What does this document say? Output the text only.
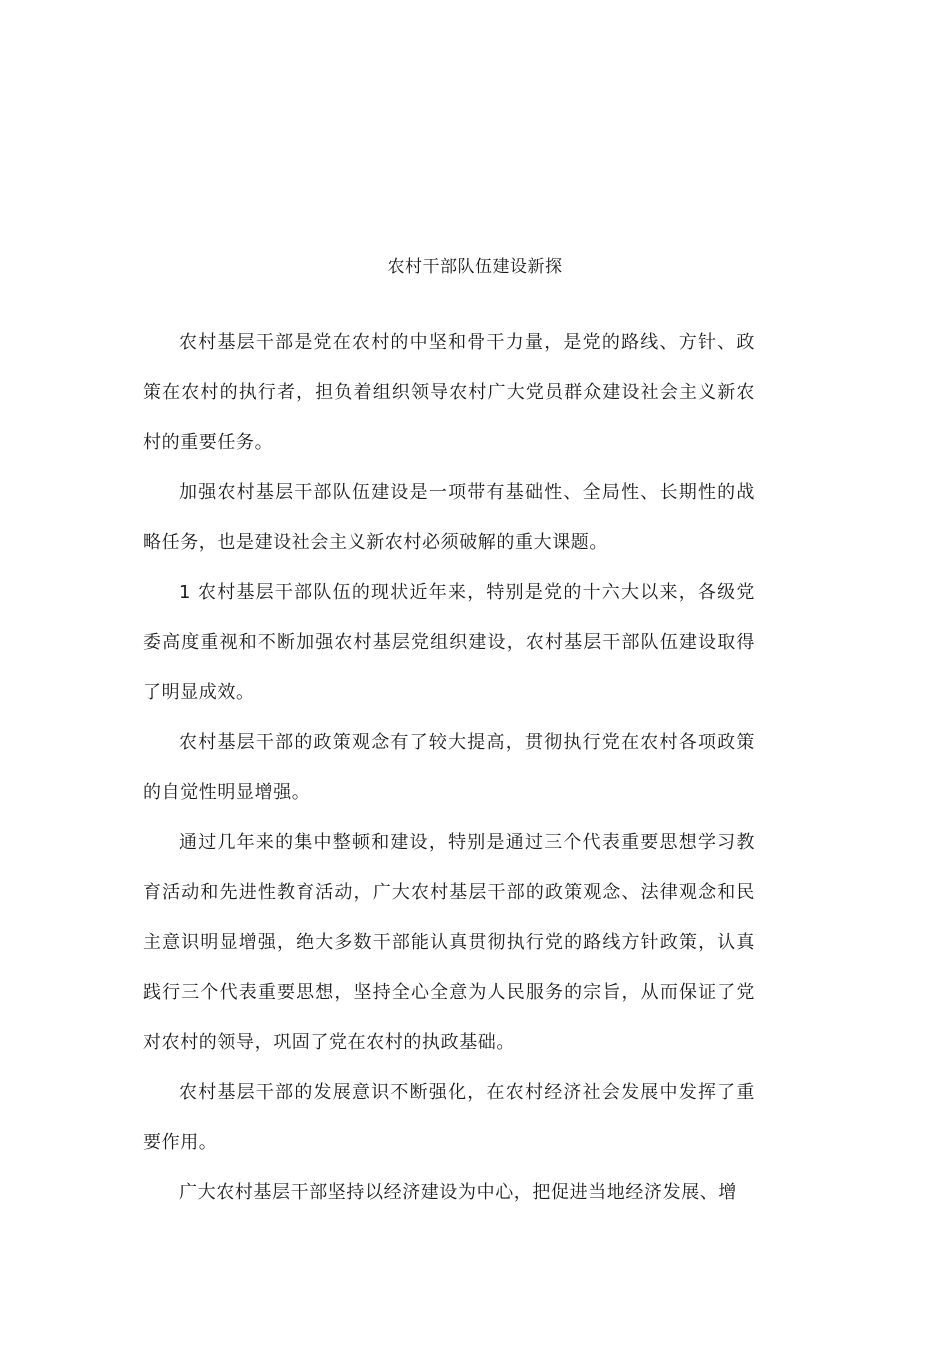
农村干部队伍建设新探

农村基层干部是党在农村的中坚和骨干力量，是党的路线、方针、政策在农村的执行者，担负着组织领导农村广大党员群众建设社会主义新农村的重要任务。

加强农村基层干部队伍建设是一项带有基础性、全局性、长期性的战略任务，也是建设社会主义新农村必须破解的重大课题。

1 农村基层干部队伍的现状近年来，特别是党的十六大以来，各级党委高度重视和不断加强农村基层党组织建设，农村基层干部队伍建设取得了明显成效。

农村基层干部的政策观念有了较大提高，贯彻执行党在农村各项政策的自觉性明显增强。

通过几年来的集中整顿和建设，特别是通过三个代表重要思想学习教育活动和先进性教育活动，广大农村基层干部的政策观念、法律观念和民主意识明显增强，绝大多数干部能认真贯彻执行党的路线方针政策，认真践行三个代表重要思想，坚持全心全意为人民服务的宗旨，从而保证了党对农村的领导，巩固了党在农村的执政基础。

农村基层干部的发展意识不断强化，在农村经济社会发展中发挥了重要作用。

广大农村基层干部坚持以经济建设为中心，把促进当地经济发展、增
